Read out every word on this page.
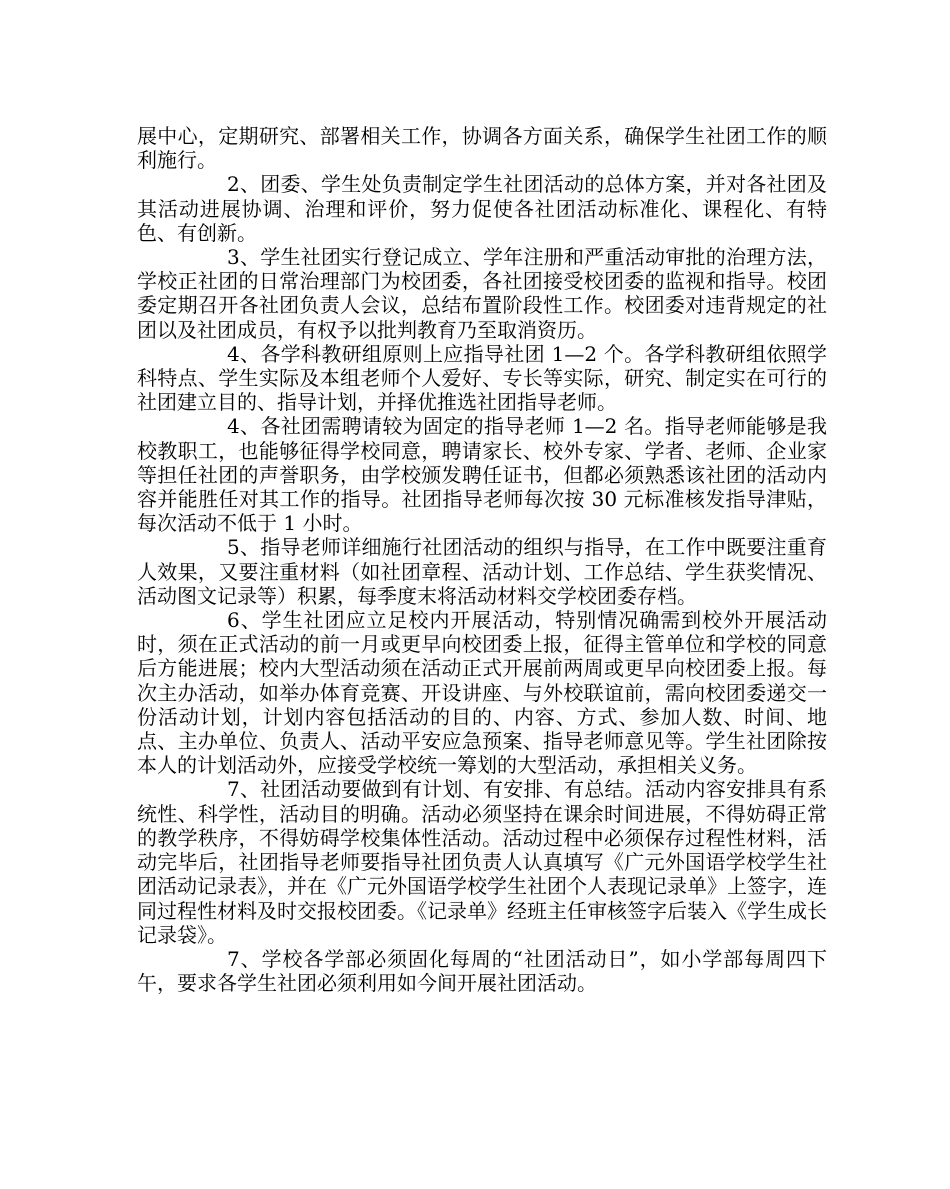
展中心，定期研究、部署相关工作，协调各方面关系，确保学生社团工作的顺利施行。

2、团委、学生处负责制定学生社团活动的总体方案，并对各社团及其活动进展协调、治理和评价，努力促使各社团活动标准化、课程化、有特色、有创新。

3、学生社团实行登记成立、学年注册和严重活动审批的治理方法，学校正社团的日常治理部门为校团委，各社团接受校团委的监视和指导。校团委定期召开各社团负责人会议，总结布置阶段性工作。校团委对违背规定的社团以及社团成员，有权予以批判教育乃至取消资历。

4、各学科教研组原则上应指导社团 1—2 个。各学科教研组依照学科特点、学生实际及本组老师个人爱好、专长等实际，研究、制定实在可行的社团建立目的、指导计划，并择优推选社团指导老师。

4、各社团需聘请较为固定的指导老师 1—2 名。指导老师能够是我校教职工，也能够征得学校同意，聘请家长、校外专家、学者、老师、企业家等担任社团的声誉职务，由学校颁发聘任证书，但都必须熟悉该社团的活动内容并能胜任对其工作的指导。社团指导老师每次按 30 元标准核发指导津贴，每次活动不低于 1 小时。

5、指导老师详细施行社团活动的组织与指导，在工作中既要注重育人效果，又要注重材料（如社团章程、活动计划、工作总结、学生获奖情况、活动图文记录等）积累，每季度末将活动材料交学校团委存档。

6、学生社团应立足校内开展活动，特别情况确需到校外开展活动时，须在正式活动的前一月或更早向校团委上报，征得主管单位和学校的同意后方能进展；校内大型活动须在活动正式开展前两周或更早向校团委上报。每次主办活动，如举办体育竞赛、开设讲座、与外校联谊前，需向校团委递交一份活动计划，计划内容包括活动的目的、内容、方式、参加人数、时间、地点、主办单位、负责人、活动平安应急预案、指导老师意见等。学生社团除按本人的计划活动外，应接受学校统一筹划的大型活动，承担相关义务。

7、社团活动要做到有计划、有安排、有总结。活动内容安排具有系统性、科学性，活动目的明确。活动必须坚持在课余时间进展，不得妨碍正常的教学秩序，不得妨碍学校集体性活动。活动过程中必须保存过程性材料，活动完毕后，社团指导老师要指导社团负责人认真填写《广元外国语学校学生社团活动记录表》，并在《广元外国语学校学生社团个人表现记录单》上签字，连同过程性材料及时交报校团委。《记录单》经班主任审核签字后装入《学生成长记录袋》。

7、学校各学部必须固化每周的“社团活动日”，如小学部每周四下午，要求各学生社团必须利用如今间开展社团活动。
